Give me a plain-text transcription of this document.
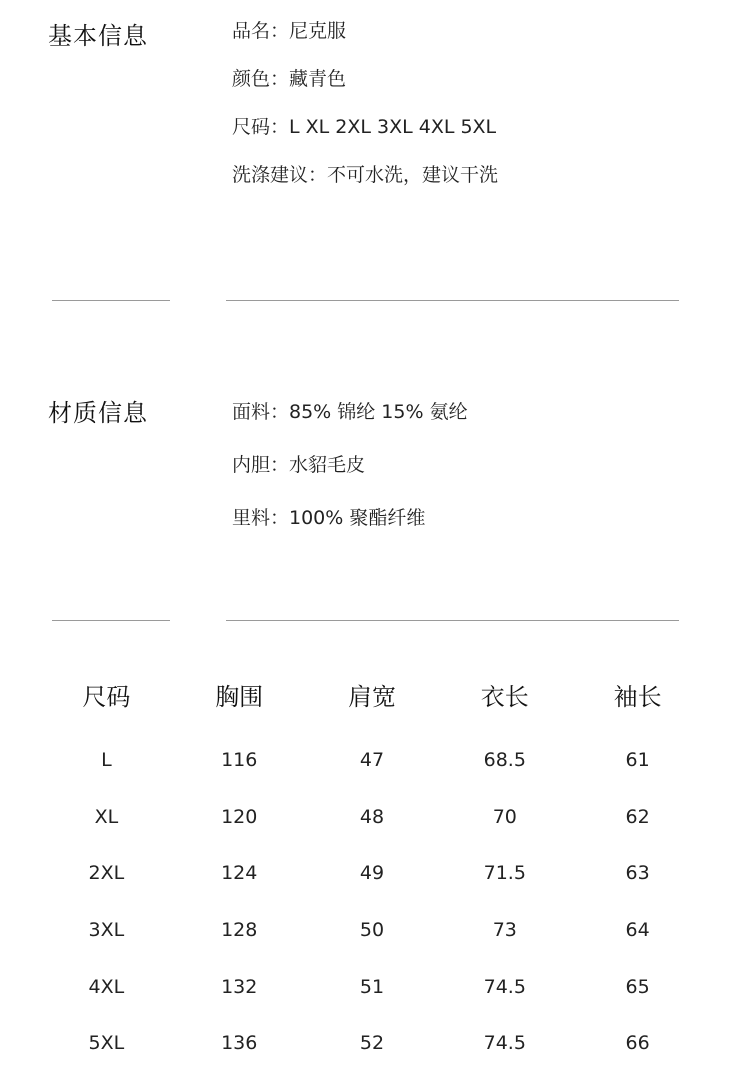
基本信息	品名：尼克服
颜色：藏青色
尺码：L XL 2XL 3XL 4XL 5XL
洗涤建议：不可水洗，建议干洗
材质信息	面料：85% 锦纶 15% 氨纶
内胆：水貂毛皮
里料：100% 聚酯纤维
尺码	胸围	肩宽	衣长	袖长

L	116	47	68.5	61
XL	120	48	70	62
2XL	124	49	71.5	63
3XL	128	50	73	64
4XL	132	51	74.5	65
5XL	136	52	74.5	66
